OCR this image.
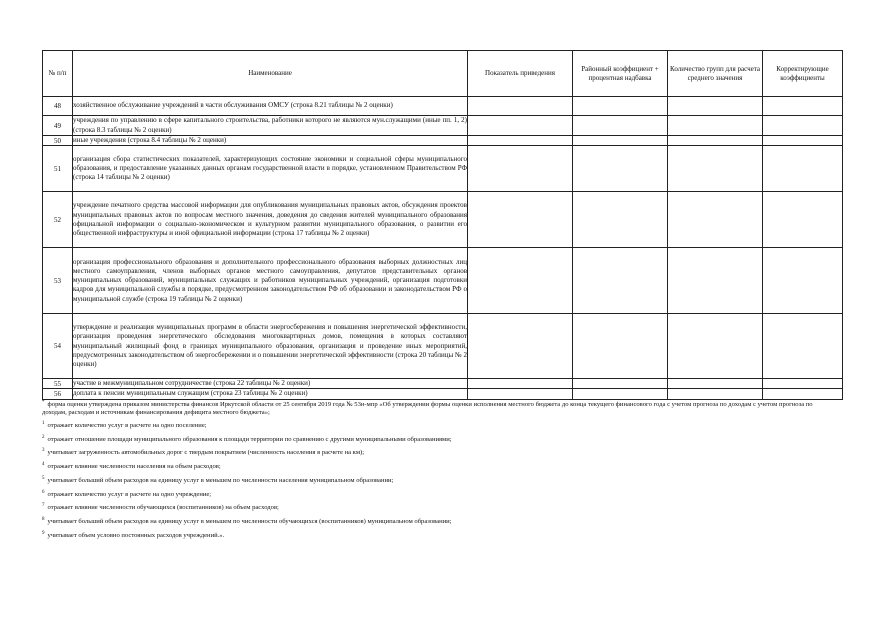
№ п/п	Наименование	Показатель приведения	Районный коэффициент + процентная надбавка	Количество групп для расчета среднего значения	Корректирующие коэффициенты
48	хозяйственное обслуживание учреждений в части обслуживания ОМСУ (строка 8.21 таблицы № 2 оценки)				
49	учреждения по управлению в сфере капитального строительства, работники которого не являются мун.служащими (иные пп. 1, 2) (строка 8.3 таблицы № 2 оценки)				
50	иные учреждения (строка 8.4 таблицы № 2 оценки)				
51	организация сбора статистических показателей, характеризующих состояние экономики и социальной сферы муниципального образования, и предоставление указанных данных органам государственной власти в порядке, установленном Правительством РФ (строка 14 таблицы № 2 оценки)				
52	учреждение печатного средства массовой информации для опубликования муниципальных правовых актов, обсуждения проектов муниципальных правовых актов по вопросам местного значения, доведения до сведения жителей муниципального образования официальной информации о социально-экономическом и культурном развитии муниципального образования, о развитии его общественной инфраструктуры и иной официальной информации (строка 17 таблицы № 2 оценки)				
53	организация профессионального образования и дополнительного профессионального образования выборных должностных лиц местного самоуправления, членов выборных органов местного самоуправления, депутатов представительных органов муниципальных образований, муниципальных служащих и работников муниципальных учреждений, организация подготовки кадров для муниципальной службы в порядке, предусмотренном законодательством РФ об образовании и законодательством РФ о муниципальной службе (строка 19 таблицы № 2 оценки)				
54	утверждение и реализация муниципальных программ в области энергосбережения и повышения энергетической эффективности, организация проведения энергетического обследования многоквартирных домов, помещения в которых составляют муниципальный жилищный фонд в границах муниципального образования, организация и проведение иных мероприятий, предусмотренных законодательством об энергосбережении и о повышении энергетической эффективности (строка 20 таблицы № 2 оценки)				
55	участие в межмуниципальном сотрудничестве (строка 22 таблицы № 2 оценки)				
56	доплата к пенсии муниципальным служащим (строка 23 таблицы № 2 оценки)				

* форма оценки утверждена приказом министерства финансов Иркутской области от 25 сентября 2019 года № 53н-мпр «Об утверждении формы оценки исполнения местного бюджета до конца текущего финансового года с учетом прогноза по доходам с учетом прогноза по доходам, расходам и источникам финансирования дефицита местного бюджета»;

$^1$ отражает количество услуг в расчете на одно поселение;

$^2$ отражает отношение площади муниципального образования к площади территории по сравнению с другими муниципальными образованиями;

$^3$ учитывает загруженность автомобильных дорог с твердым покрытием (численность населения в расчете на км);

$^4$ отражает влияние численности населения на объем расходов;

$^5$ учитывает больший объем расходов на единицу услуг в меньшем по численности населения муниципальном образовании;

$^6$ отражает количество услуг в расчете на одно учреждение;

$^7$ отражает влияние численности обучающихся (воспитанников) на объем расходов;

$^8$ учитывает больший объем расходов на единицу услуг в меньшем по численности обучающихся (воспитанников) муниципальном образовании;

$^9$ учитывает объем условно постоянных расходов учреждений.».
